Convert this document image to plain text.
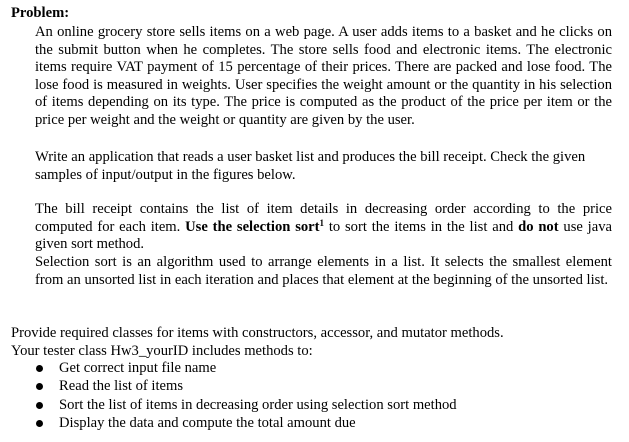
Problem:

An online grocery store sells items on a web page. A user adds items to a basket and he clicks on the submit button when he completes. The store sells food and electronic items. The electronic items require VAT payment of 15 percentage of their prices. There are packed and lose food. The lose food is measured in weights. User specifies the weight amount or the quantity in his selection of items depending on its type. The price is computed as the product of the price per item or the price per weight and the weight or quantity are given by the user.

Write an application that reads a user basket list and produces the bill receipt. Check the given samples of input/output in the figures below.

The bill receipt contains the list of item details in decreasing order according to the price computed for each item. Use the selection sort$^1$ to sort the items in the list and do not use java given sort method.

Selection sort is an algorithm used to arrange elements in a list. It selects the smallest element from an unsorted list in each iteration and places that element at the beginning of the unsorted list.

Provide required classes for items with constructors, accessor, and mutator methods.
Your tester class Hw3_yourID includes methods to:
Get correct input file name
Read the list of items
Sort the list of items in decreasing order using selection sort method
Display the data and compute the total amount due
